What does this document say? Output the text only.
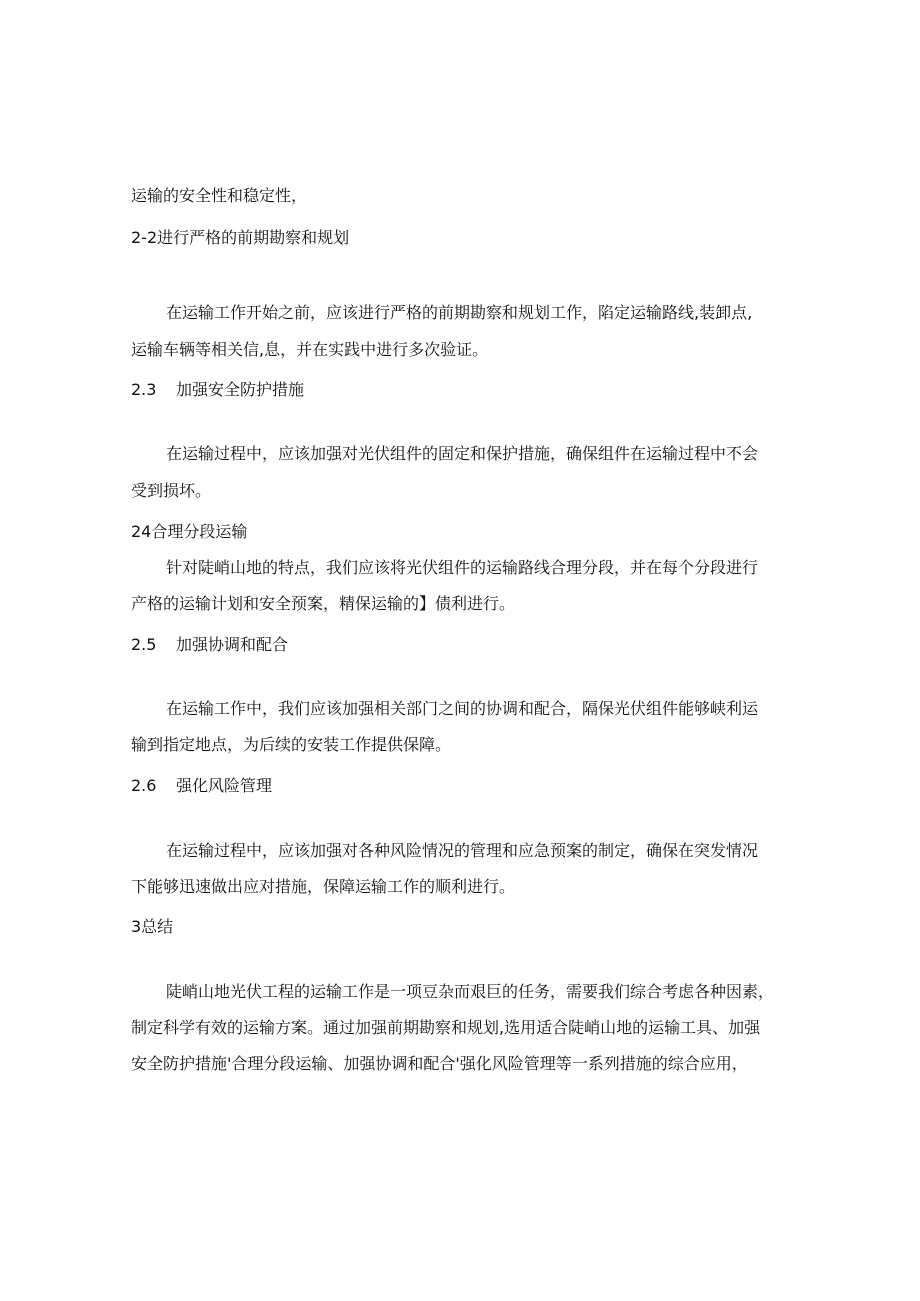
运输的安全性和稳定性，
2-2进行严格的前期勘察和规划
在运输工作开始之前，应该进行严格的前期勘察和规划工作，陷定运输路线,装卸点,
运输车辆等相关信,息，并在实践中进行多次验证。
2.3 加强安全防护措施
在运输过程中，应该加强对光伏组件的固定和保护措施，确保组件在运输过程中不会
受到损坏。
24合理分段运输
针对陡峭山地的特点，我们应该将光伏组件的运输路线合理分段，并在每个分段进行
产格的运输计划和安全预案，精保运输的】债利进行。
2.5 加强协调和配合
在运输工作中，我们应该加强相关部门之间的协调和配合，隔保光伏组件能够峡利运
输到指定地点，为后续的安装工作提供保障。
2.6 强化风险管理
在运输过程中，应该加强对各种风险情况的管理和应急预案的制定，确保在突发情况
下能够迅速做出应对措施，保障运输工作的顺利进行。
3总结
陡峭山地光伏工程的运输工作是一项豆杂而艰巨的任务，需要我们综合考虑各种因素，
制定科学有效的运输方案。通过加强前期勘察和规划,选用适合陡峭山地的运输工具、加强
安全防护措施'合理分段运输、加强协调和配合'强化风险管理等一系列措施的综合应用，
